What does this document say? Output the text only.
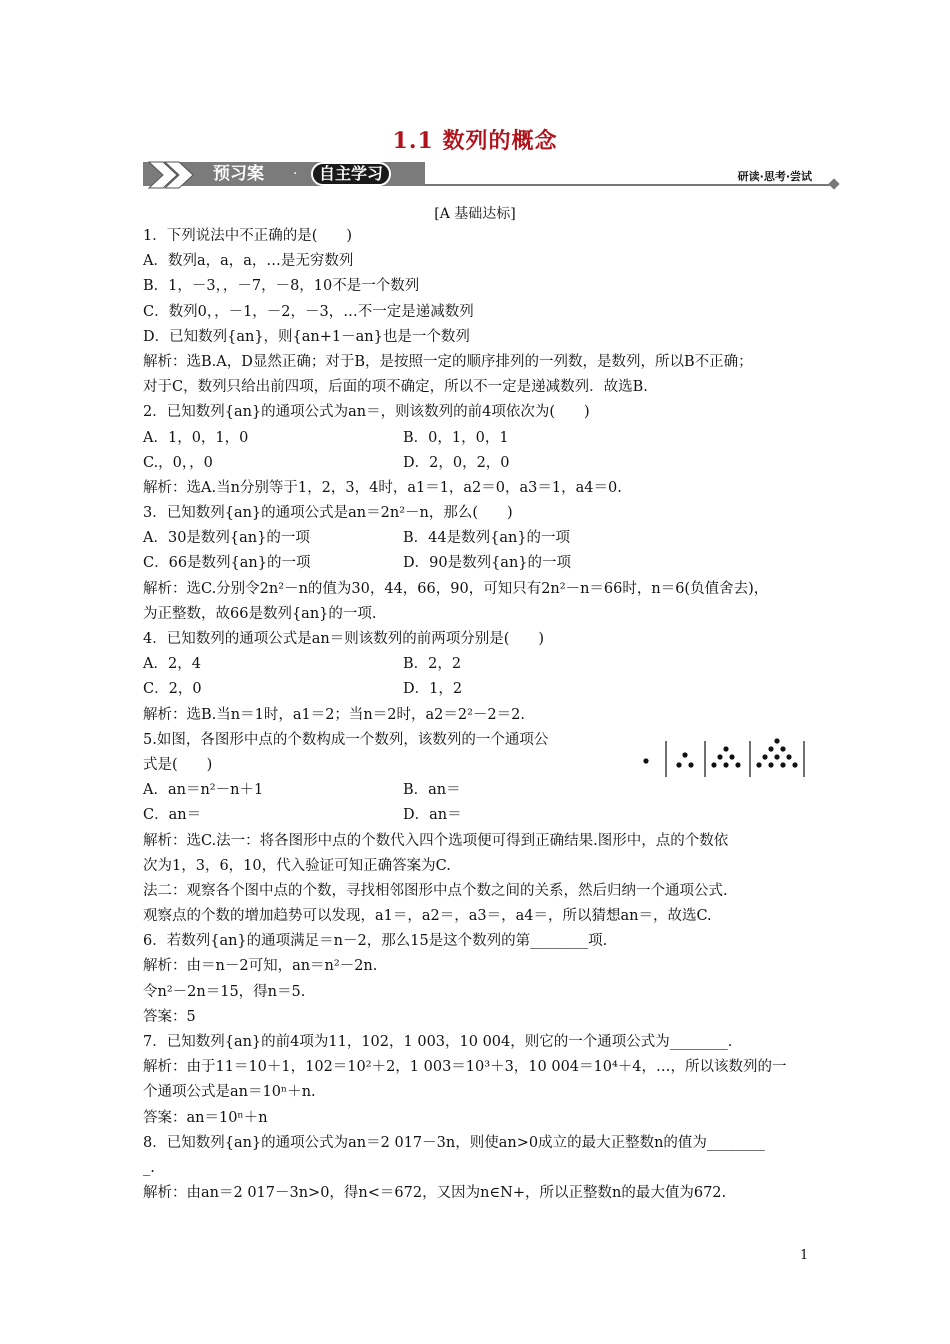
1.1 数列的概念
预习案 ·	自主学习	研读·思考·尝试
[A 基础达标]
1．下列说法中不正确的是(　　)
A．数列a，a，a，…是无穷数列
B．1，－3，，－7，－8，10不是一个数列
C．数列0，，－1，－2，－3，…不一定是递减数列
D．已知数列{an}，则{an+1－an}也是一个数列
解析：选B.A，D显然正确；对于B，是按照一定的顺序排列的一列数，是数列，所以B不正确；
对于C，数列只给出前四项，后面的项不确定，所以不一定是递减数列．故选B.
2．已知数列{an}的通项公式为an＝，则该数列的前4项依次为(　　)
A．1，0，1，0	B．0，1，0，1
C.，0，，0	D．2，0，2，0
解析：选A.当n分别等于1，2，3，4时，a1＝1，a2＝0，a3＝1，a4＝0.
3．已知数列{an}的通项公式是an＝2n²－n，那么(　　)
A．30是数列{an}的一项	B．44是数列{an}的一项
C．66是数列{an}的一项	D．90是数列{an}的一项
解析：选C.分别令2n²－n的值为30，44，66，90，可知只有2n²－n＝66时，n＝6(负值舍去)，
为正整数，故66是数列{an}的一项.
4．已知数列的通项公式是an＝则该数列的前两项分别是(　　)
A．2，4	B．2，2
C．2，0	D．1，2
解析：选B.当n＝1时，a1＝2；当n＝2时，a2＝2²－2＝2.
5.如图，各图形中点的个数构成一个数列，该数列的一个通项公
式是(　　)
A．an＝n²－n＋1	B．an＝
C．an＝	D．an＝
解析：选C.法一：将各图形中点的个数代入四个选项便可得到正确结果.图形中，点的个数依
次为1，3，6，10，代入验证可知正确答案为C.
法二：观察各个图中点的个数，寻找相邻图形中点个数之间的关系，然后归纳一个通项公式.
观察点的个数的增加趋势可以发现，a1＝，a2＝，a3＝，a4＝，所以猜想an＝，故选C.
6．若数列{an}的通项满足＝n－2，那么15是这个数列的第________项.
解析：由＝n－2可知，an＝n²－2n.
令n²－2n＝15，得n＝5.
答案：5
7．已知数列{an}的前4项为11，102，1 003，10 004，则它的一个通项公式为________.
解析：由于11＝10＋1，102＝10²＋2，1 003＝10³＋3，10 004＝10⁴＋4，…，所以该数列的一
个通项公式是an＝10ⁿ＋n.
答案：an＝10ⁿ＋n
8．已知数列{an}的通项公式为an＝2 017－3n，则使an>0成立的最大正整数n的值为________
_.
解析：由an＝2 017－3n>0，得n<＝672，又因为n∈N+，所以正整数n的最大值为672.
1
